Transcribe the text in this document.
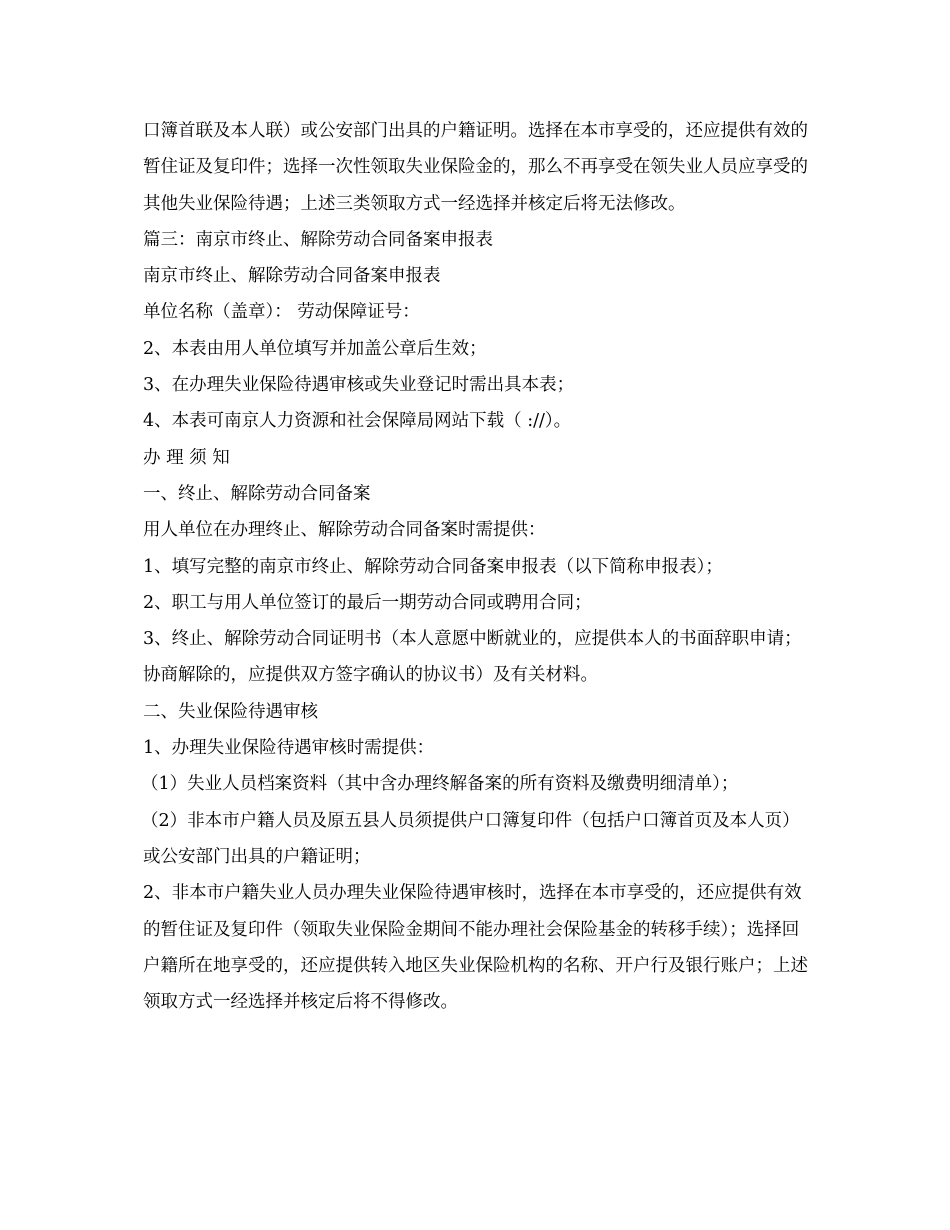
口簿首联及本人联）或公安部门出具的户籍证明。选择在本市享受的，还应提供有效的暂住证及复印件；选择一次性领取失业保险金的，那么不再享受在领失业人员应享受的其他失业保险待遇；上述三类领取方式一经选择并核定后将无法修改。

篇三：南京市终止、解除劳动合同备案申报表

南京市终止、解除劳动合同备案申报表

单位名称（盖章）： 劳动保障证号：

2、本表由用人单位填写并加盖公章后生效；

3、在办理失业保险待遇审核或失业登记时需出具本表；

4、本表可南京人力资源和社会保障局网站下载（ ://）。

办 理 须 知

一、终止、解除劳动合同备案

用人单位在办理终止、解除劳动合同备案时需提供：

1、填写完整的南京市终止、解除劳动合同备案申报表（以下简称申报表）；

2、职工与用人单位签订的最后一期劳动合同或聘用合同；

3、终止、解除劳动合同证明书（本人意愿中断就业的，应提供本人的书面辞职申请；协商解除的，应提供双方签字确认的协议书）及有关材料。

二、失业保险待遇审核

1、办理失业保险待遇审核时需提供：

（1）失业人员档案资料（其中含办理终解备案的所有资料及缴费明细清单）；

（2）非本市户籍人员及原五县人员须提供户口簿复印件（包括户口簿首页及本人页）或公安部门出具的户籍证明；

2、非本市户籍失业人员办理失业保险待遇审核时，选择在本市享受的，还应提供有效的暂住证及复印件（领取失业保险金期间不能办理社会保险基金的转移手续）；选择回户籍所在地享受的，还应提供转入地区失业保险机构的名称、开户行及银行账户；上述领取方式一经选择并核定后将不得修改。
